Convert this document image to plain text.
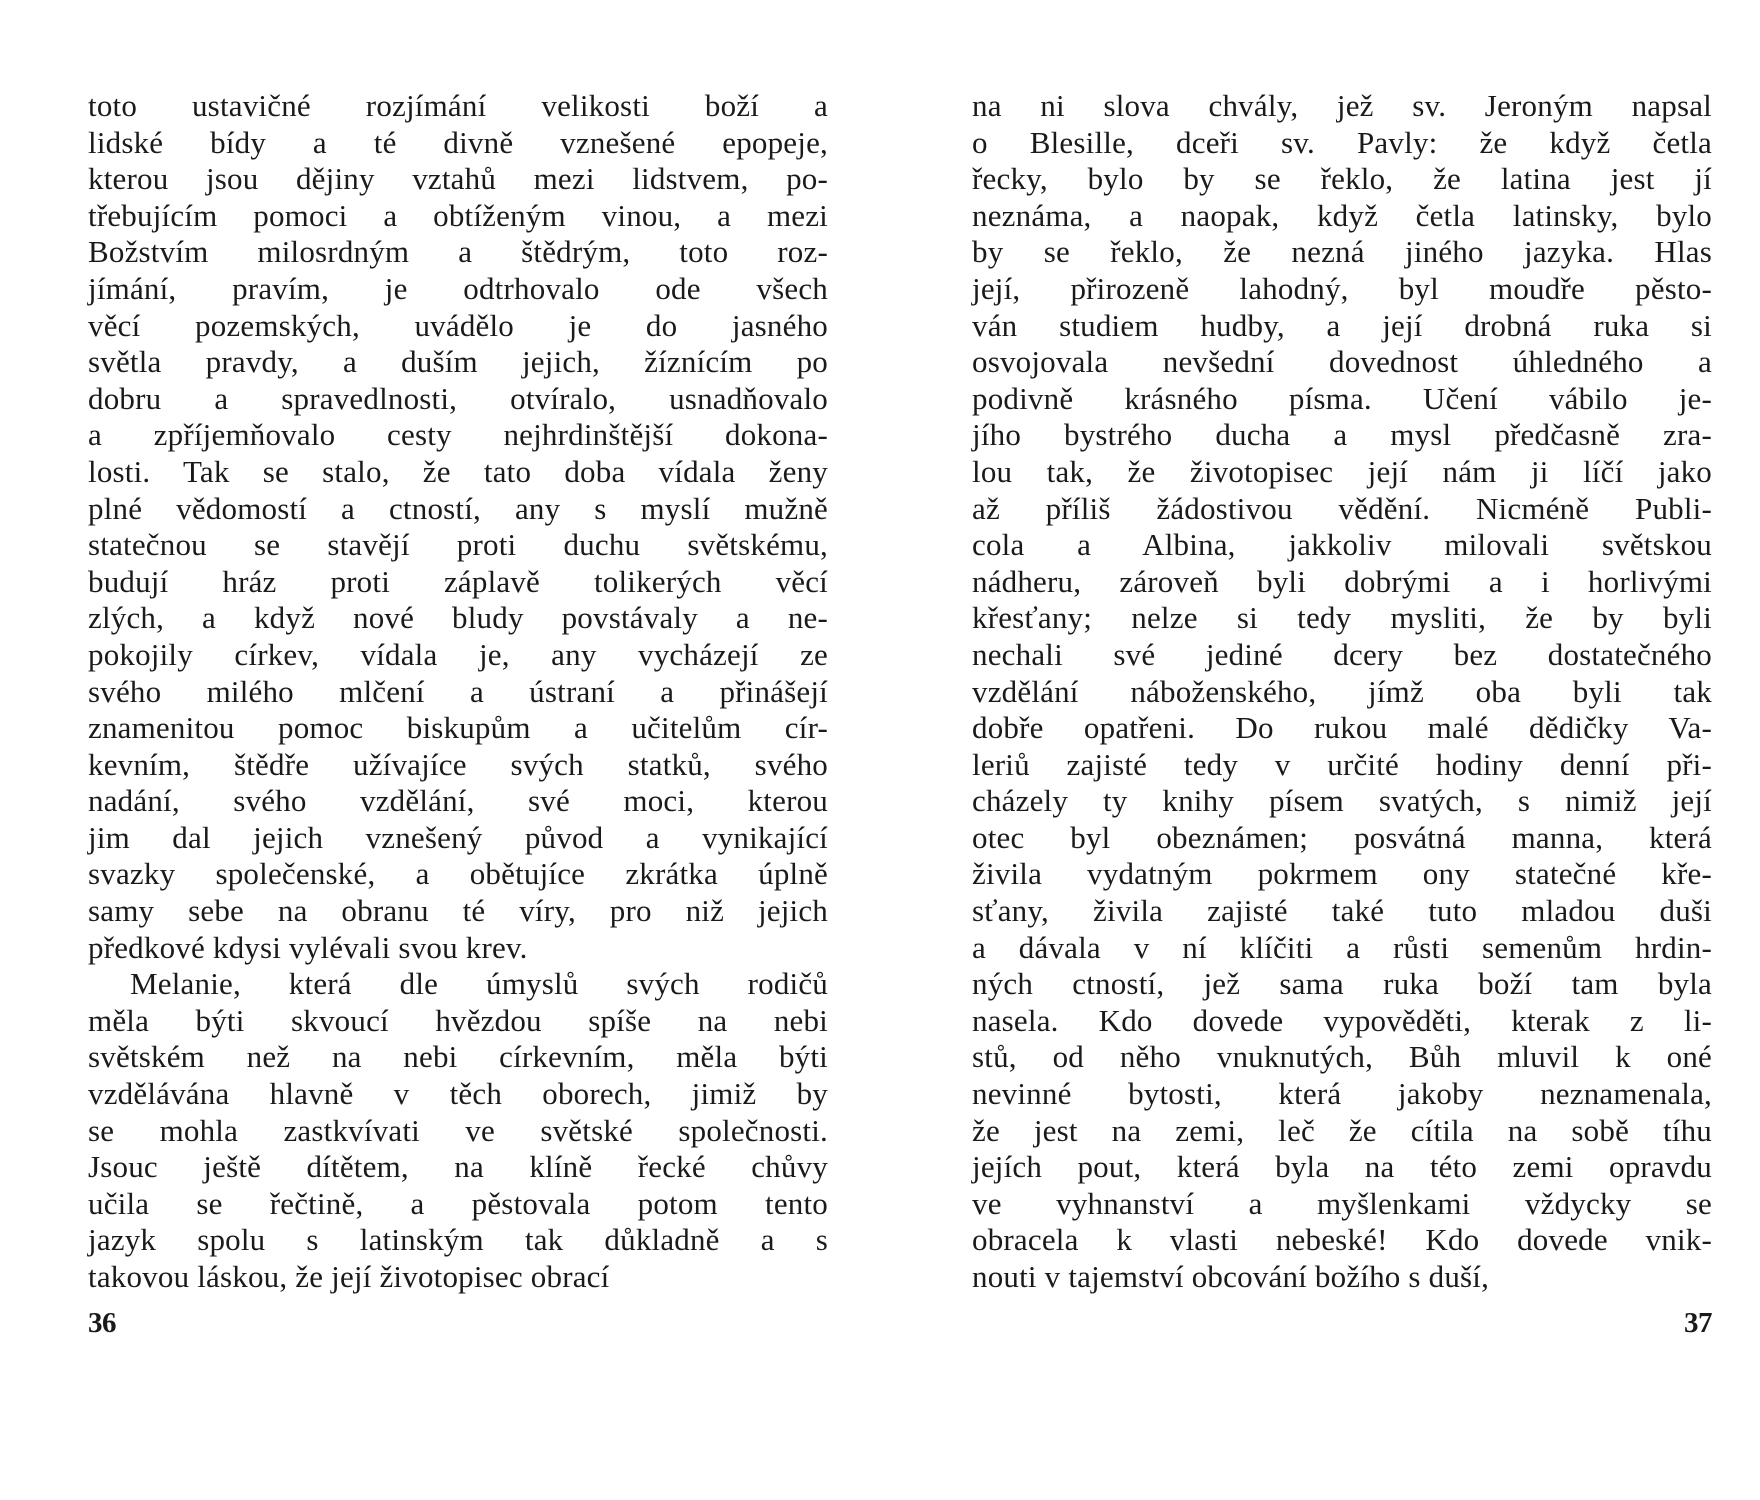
toto ustavičné rozjímání velikosti boží a
lidské bídy a té divně vznešené epopeje,
kterou jsou dějiny vztahů mezi lidstvem, po-
třebujícím pomoci a obtíženým vinou, a mezi
Božstvím milosrdným a štědrým, toto roz-
jímání, pravím, je odtrhovalo ode všech
věcí pozemských, uvádělo je do jasného
světla pravdy, a duším jejich, žíznícím po
dobru a spravedlnosti, otvíralo, usnadňovalo
a zpříjemňovalo cesty nejhrdinštější dokona-
losti. Tak se stalo, že tato doba vídala ženy
plné vědomostí a ctností, any s myslí mužně
statečnou se stavějí proti duchu světskému,
budují hráz proti záplavě tolikerých věcí
zlých, a když nové bludy povstávaly a ne-
pokojily církev, vídala je, any vycházejí ze
svého milého mlčení a ústraní a přinášejí
znamenitou pomoc biskupům a učitelům cír-
kevním, štědře užívajíce svých statků, svého
nadání, svého vzdělání, své moci, kterou
jim dal jejich vznešený původ a vynikající
svazky společenské, a obětujíce zkrátka úplně
samy sebe na obranu té víry, pro niž jejich
předkové kdysi vylévali svou krev.
Melanie, která dle úmyslů svých rodičů
měla býti skvoucí hvězdou spíše na nebi
světském než na nebi církevním, měla býti
vzdělávána hlavně v těch oborech, jimiž by
se mohla zastkvívati ve světské společnosti.
Jsouc ještě dítětem, na klíně řecké chůvy
učila se řečtině, a pěstovala potom tento
jazyk spolu s latinským tak důkladně a s
takovou láskou, že její životopisec obrací
36
na ni slova chvály, jež sv. Jeroným napsal
o Blesille, dceři sv. Pavly: že když četla
řecky, bylo by se řeklo, že latina jest jí
neznáma, a naopak, když četla latinsky, bylo
by se řeklo, že nezná jiného jazyka. Hlas
její, přirozeně lahodný, byl moudře pěsto-
ván studiem hudby, a její drobná ruka si
osvojovala nevšední dovednost úhledného a
podivně krásného písma. Učení vábilo je-
jího bystrého ducha a mysl předčasně zra-
lou tak, že životopisec její nám ji líčí jako
až příliš žádostivou vědění. Nicméně Publi-
cola a Albina, jakkoliv milovali světskou
nádheru, zároveň byli dobrými a i horlivými
křesťany; nelze si tedy mysliti, že by byli
nechali své jediné dcery bez dostatečného
vzdělání náboženského, jímž oba byli tak
dobře opatřeni. Do rukou malé dědičky Va-
leriů zajisté tedy v určité hodiny denní při-
cházely ty knihy písem svatých, s nimiž její
otec byl obeznámen; posvátná manna, která
živila vydatným pokrmem ony statečné kře-
sťany, živila zajisté také tuto mladou duši
a dávala v ní klíčiti a růsti semenům hrdin-
ných ctností, jež sama ruka boží tam byla
nasela. Kdo dovede vypověděti, kterak z li-
stů, od něho vnuknutých, Bůh mluvil k oné
nevinné bytosti, která jakoby neznamenala,
že jest na zemi, leč že cítila na sobě tíhu
jejích pout, která byla na této zemi opravdu
ve vyhnanství a myšlenkami vždycky se
obracela k vlasti nebeské! Kdo dovede vnik-
nouti v tajemství obcování božího s duší,
37
